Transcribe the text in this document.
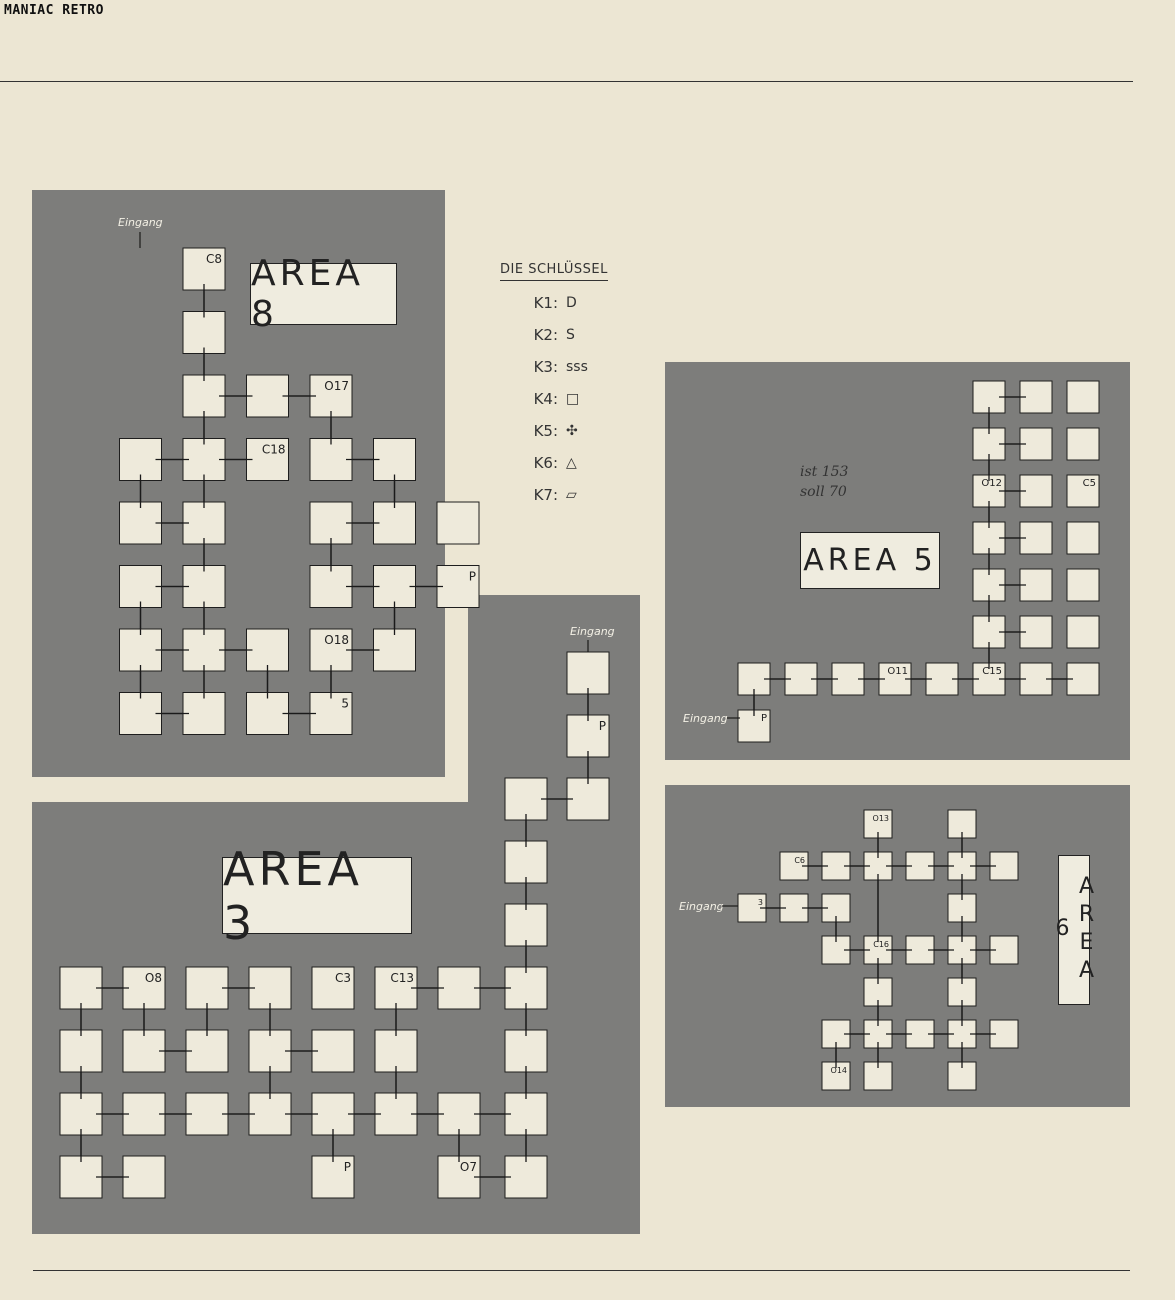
MANIAC RETRO
C8
O17
C18
P
O18
5
P
O8	C3	C13
P	O7
O12	C5
O11	C15
P
O13
C6
3
C16
O14
Eingang
Eingang
Eingang
Eingang
AREA 8
AREA 3
AREA 5
AREA 6
DIE SCHLÜSSEL
K1: D
K2: S
K3: sss
K4: □
K5: ✣
K6: △
K7: ▱
ist 153
soll 70
